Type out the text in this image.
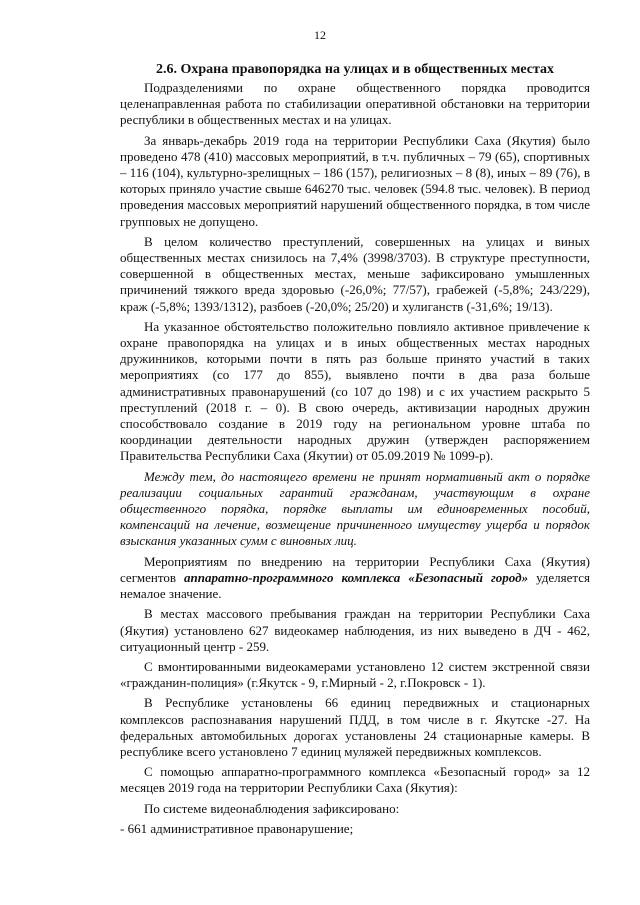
12
2.6. Охрана правопорядка на улицах и в общественных местах

Подразделениями по охране общественного порядка проводится целенаправленная работа по стабилизации оперативной обстановки на территории республики в общественных местах и на улицах.

За январь-декабрь 2019 года на территории Республики Саха (Якутия) было проведено 478 (410) массовых мероприятий, в т.ч. публичных – 79 (65), спортивных – 116 (104), культурно-зрелищных – 186 (157), религиозных – 8 (8), иных – 89 (76), в которых приняло участие свыше 646270 тыс. человек (594.8 тыс. человек). В период проведения массовых мероприятий нарушений общественного порядка, в том числе групповых не допущено.

В целом количество преступлений, совершенных на улицах и виных общественных местах снизилось на 7,4% (3998/3703). В структуре преступности, совершенной в общественных местах, меньше зафиксировано умышленных причинений тяжкого вреда здоровью (-26,0%; 77/57), грабежей (-5,8%; 243/229), краж (-5,8%; 1393/1312), разбоев (-20,0%; 25/20) и хулиганств (-31,6%; 19/13).

На указанное обстоятельство положительно повлияло активное привлечение к охране правопорядка на улицах и в иных общественных местах народных дружинников, которыми почти в пять раз больше принято участий в таких мероприятиях (со 177 до 855), выявлено почти в два раза больше административных правонарушений (со 107 до 198) и с их участием раскрыто 5 преступлений (2018 г. – 0). В свою очередь, активизации народных дружин способствовало создание в 2019 году на региональном уровне штаба по координации деятельности народных дружин (утвержден распоряжением Правительства Республики Саха (Якутии) от 05.09.2019 № 1099-р).

Между тем, до настоящего времени не принят нормативный акт о порядке реализации социальных гарантий гражданам, участвующим в охране общественного порядка, порядке выплаты им единовременных пособий, компенсаций на лечение, возмещение причиненного имуществу ущерба и порядок взыскания указанных сумм с виновных лиц.

Мероприятиям по внедрению на территории Республики Саха (Якутия) сегментов аппаратно-программного комплекса «Безопасный город» уделяется немалое значение.

В местах массового пребывания граждан на территории Республики Саха (Якутия) установлено 627 видеокамер наблюдения, из них выведено в ДЧ - 462, ситуационный центр - 259.

С вмонтированными видеокамерами установлено 12 систем экстренной связи «гражданин-полиция» (г.Якутск - 9, г.Мирный - 2, г.Покровск - 1).

В Республике установлены 66 единиц передвижных и стационарных комплексов распознавания нарушений ПДД, в том числе в г. Якутске -27. На федеральных автомобильных дорогах установлены 24 стационарные камеры. В республике всего установлено 7 единиц муляжей передвижных комплексов.

С помощью аппаратно-программного комплекса «Безопасный город» за 12 месяцев 2019 года на территории Республики Саха (Якутия):

По системе видеонаблюдения зафиксировано:

- 661 административное правонарушение;
